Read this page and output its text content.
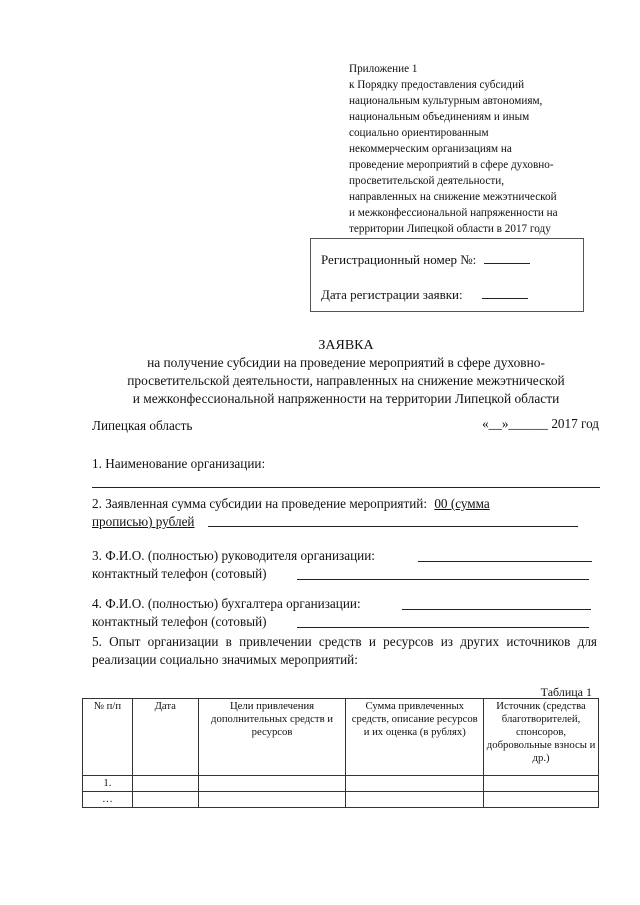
Приложение 1
к Порядку предоставления субсидий
национальным культурным автономиям,
национальным объединениям и иным
социально ориентированным
некоммерческим организациям на
проведение мероприятий в сфере духовно-
просветительской деятельности,
направленных на снижение межэтнической
и межконфессиональной напряженности на
территории Липецкой области в 2017 году
Регистрационный номер №:
Дата регистрации заявки:
ЗАЯВКА
на получение субсидии на проведение мероприятий в сфере духовно-
просветительской деятельности, направленных на снижение межэтнической
и межконфессиональной напряженности на территории Липецкой области
Липецкая область	«__»______ 2017 год
1. Наименование организации:
2. Заявленная сумма субсидии на проведение мероприятий: 00 (сумма
прописью) рублей
3. Ф.И.О. (полностью) руководителя организации:
контактный телефон (сотовый)
4. Ф.И.О. (полностью) бухгалтера организации:
контактный телефон (сотовый)
5. Опыт организации в привлечении средств и ресурсов из других источников для реализации социально значимых мероприятий:
Таблица 1
№ п/п	Дата	Цели привлечения дополнительных средств и ресурсов	Сумма привлеченных средств, описание ресурсов и их оценка (в рублях)	Источник (средства благотворителей, спонсоров, добровольные взносы и др.)
1.				
…				
